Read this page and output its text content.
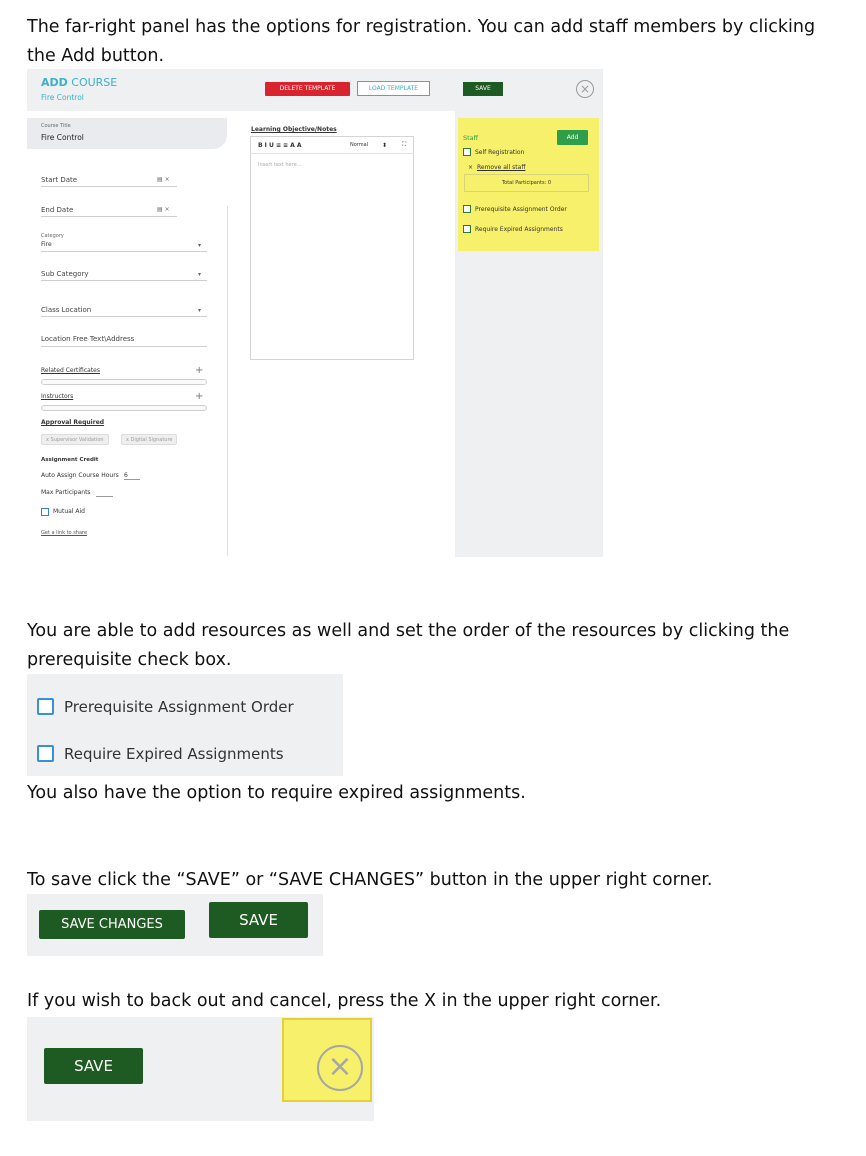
The far-right panel has the options for registration. You can add staff members by clicking the Add button.
ADD COURSE
Fire Control
DELETE TEMPLATE	LOAD TEMPLATE	SAVE	×
Staff	Add
Self Registration
× Remove all staff
Total Participants: 0
Prerequisite Assignment Order
Require Expired Assignments
Course Title
Fire Control
Start Date	▤ ×
End Date	▤ ×
Category
Fire	▾
Sub Category	▾
Class Location	▾
Location Free Text\Address
Related Certificates	+
Instructors	+
Approval Required
x Supervisor Validation	x Digital Signature
Assignment Credit
Auto Assign Course Hours 6
Max Participants
Mutual Aid
Get a link to share
Learning Objective/Notes
B I U ≡ ≡ A A	Normal ⬍ ⛶
Insert text here...
You are able to add resources as well and set the order of the resources by clicking the prerequisite check box.
Prerequisite Assignment Order
Require Expired Assignments
You also have the option to require expired assignments.
To save click the “SAVE” or “SAVE CHANGES” button in the upper right corner.
SAVE CHANGES	SAVE
If you wish to back out and cancel, press the X in the upper right corner.
SAVE	×
